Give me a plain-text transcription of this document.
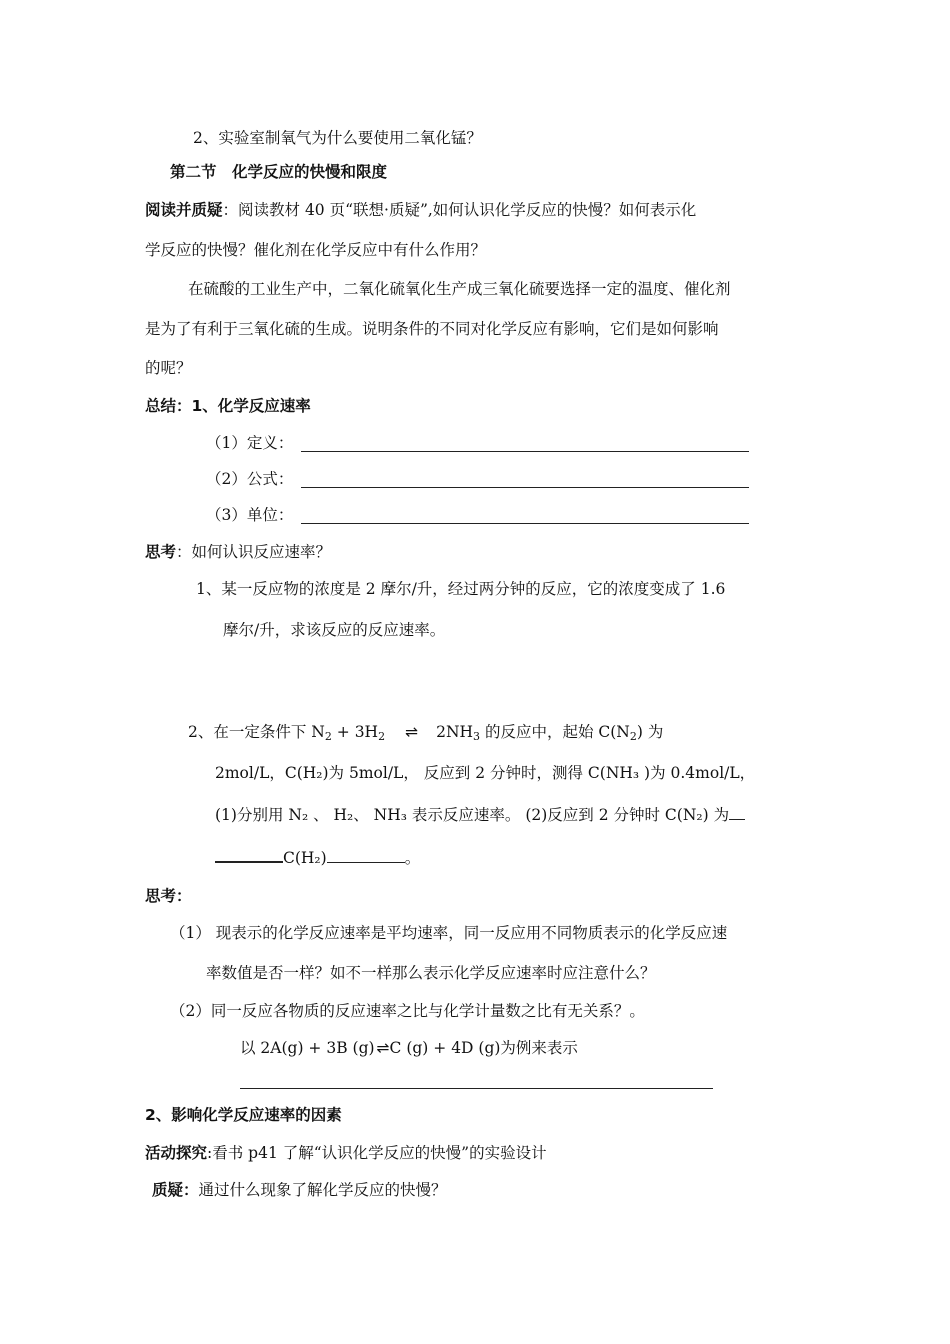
2、实验室制氧气为什么要使用二氧化锰？
第二节　化学反应的快慢和限度
阅读并质疑：阅读教材 40 页“联想·质疑”,如何认识化学反应的快慢？如何表示化
学反应的快慢？催化剂在化学反应中有什么作用？
在硫酸的工业生产中，二氧化硫氧化生产成三氧化硫要选择一定的温度、催化剂
是为了有利于三氧化硫的生成。说明条件的不同对化学反应有影响，它们是如何影响
的呢？
总结：1、化学反应速率
（1）定义：
（2）公式：
（3）单位：
思考：如何认识反应速率？
1、某一反应物的浓度是 2 摩尔/升，经过两分钟的反应，它的浓度变成了 1.6
摩尔/升，求该反应的反应速率。
2、在一定条件下 N2 + 3H2 ⇌ 2NH3 的反应中，起始 C(N2) 为
2mol/L，C(H₂)为 5mol/L， 反应到 2 分钟时，测得 C(NH₃ )为 0.4mol/L，
(1)分别用 N₂ 、 H₂、 NH₃ 表示反应速率。 (2)反应到 2 分钟时 C(N₂) 为
C(H₂)	。
思考：
（1） 现表示的化学反应速率是平均速率，同一反应用不同物质表示的化学反应速
率数值是否一样？如不一样那么表示化学反应速率时应注意什么？
（2）同一反应各物质的反应速率之比与化学计量数之比有无关系？。
以 2A(g) + 3B (g) ⇌ C (g) + 4D (g)为例来表示
2、影响化学反应速率的因素
活动探究:看书 p41 了解“认识化学反应的快慢”的实验设计
质疑：通过什么现象了解化学反应的快慢？
